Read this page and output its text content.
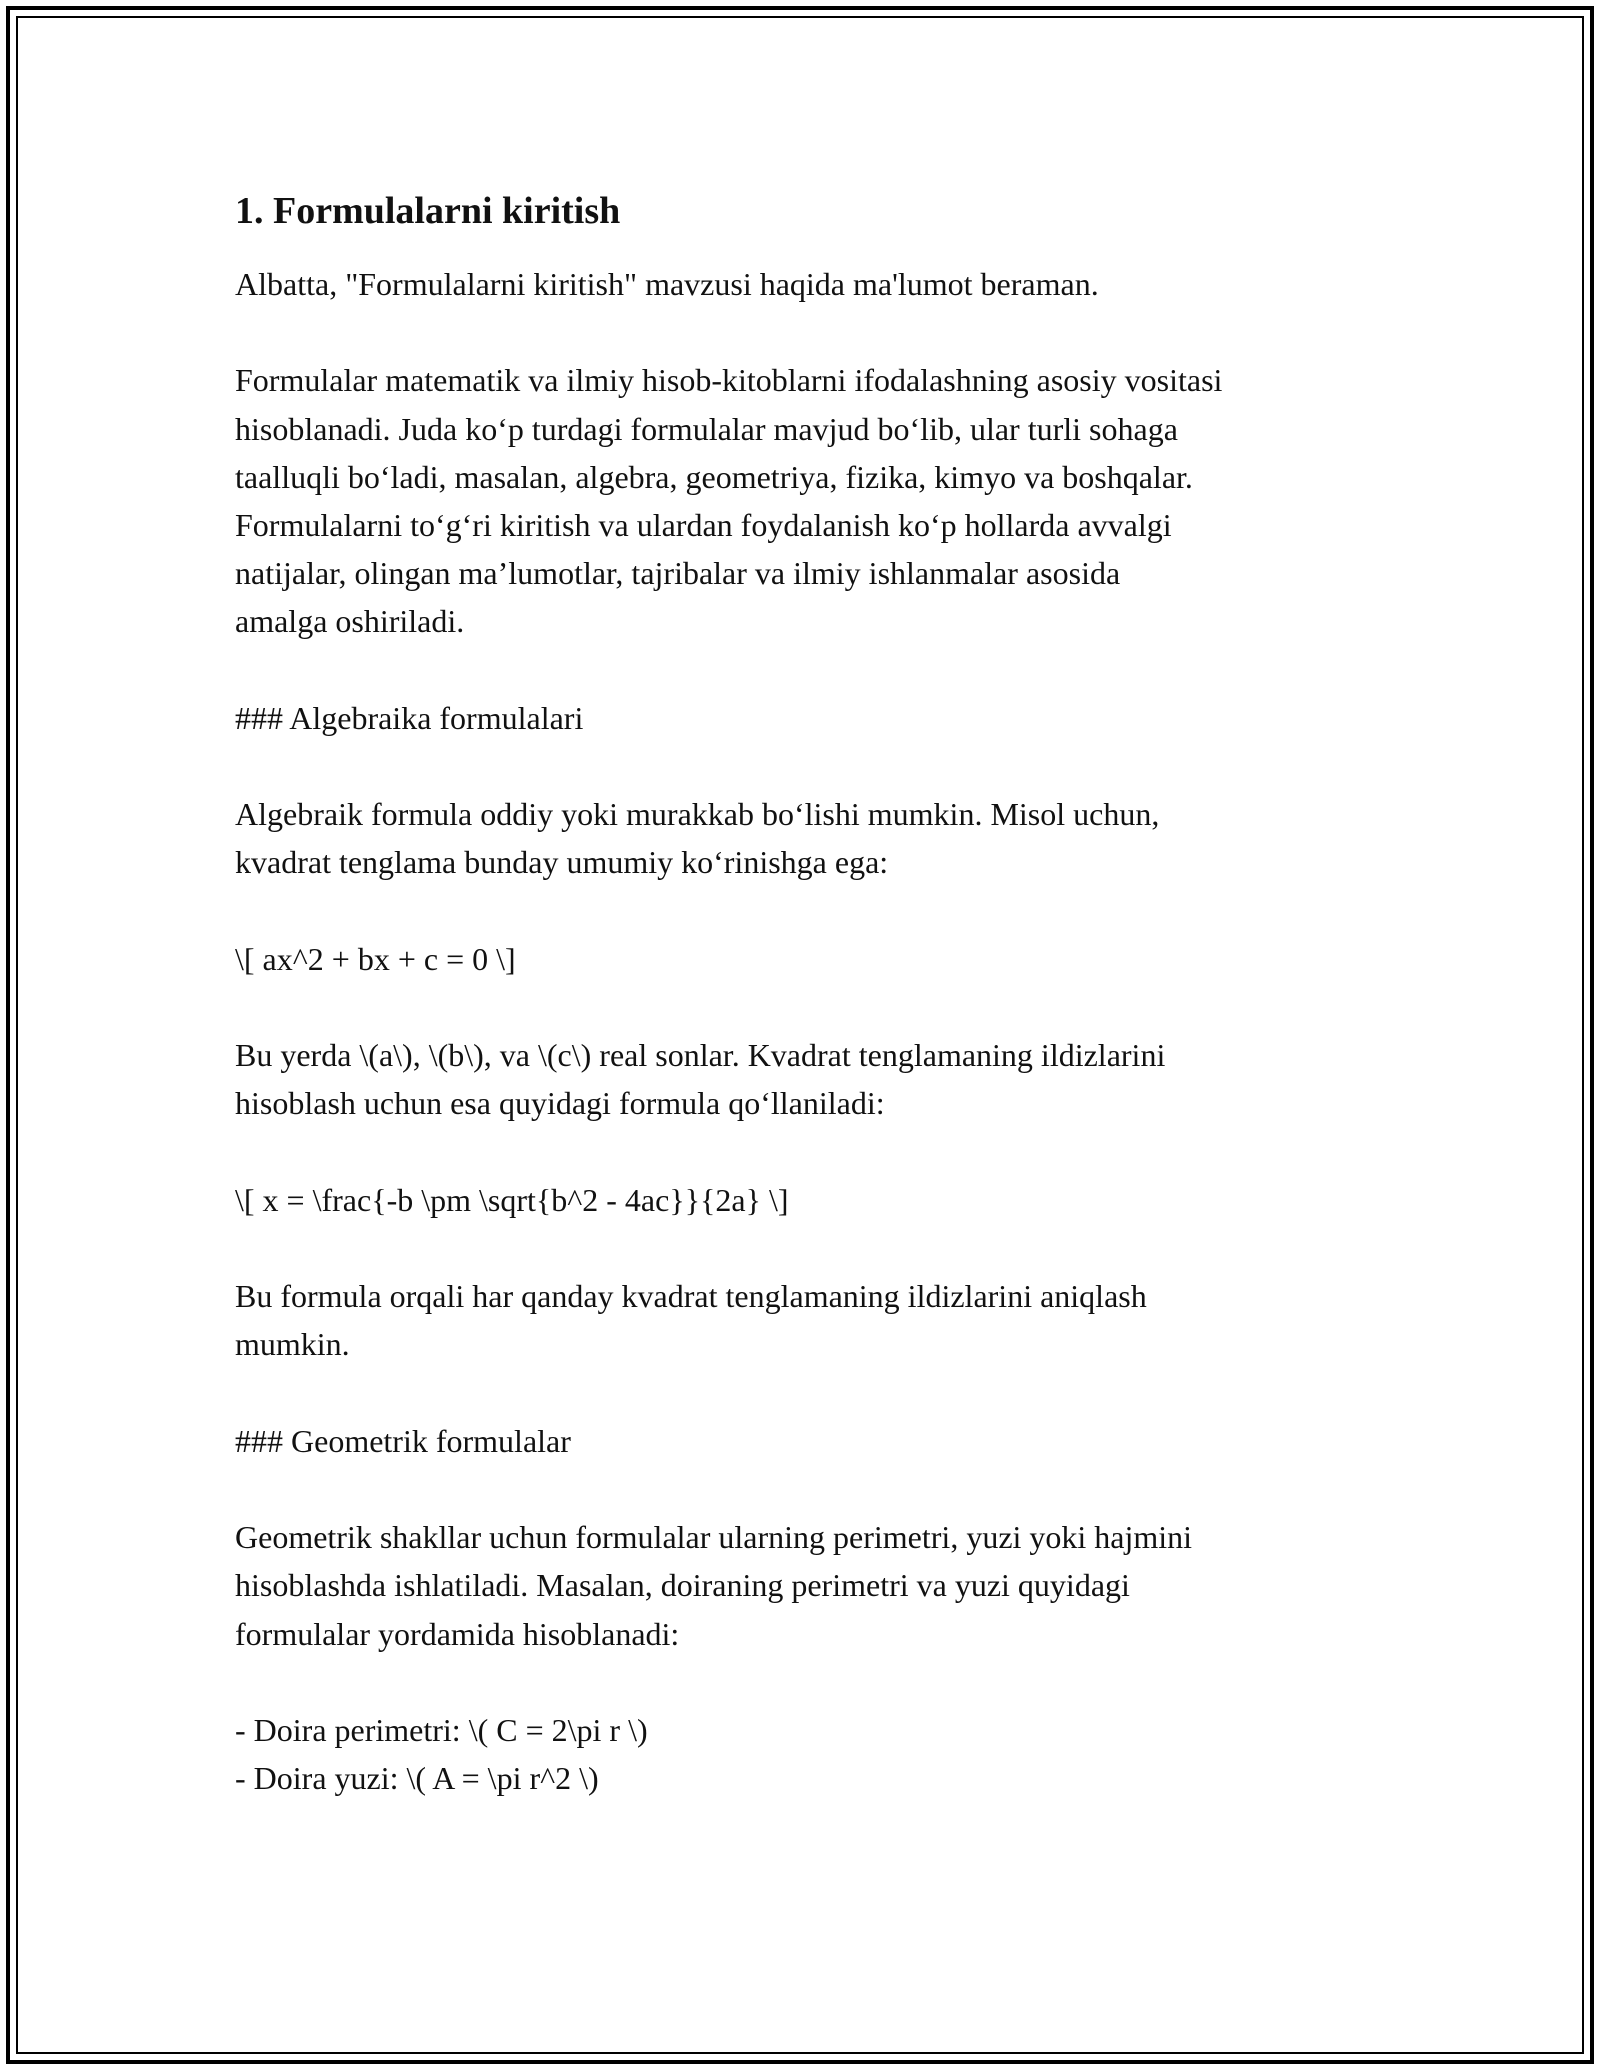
1. Formulalarni kiritish
Albatta, "Formulalarni kiritish" mavzusi haqida ma'lumot beraman.
Formulalar matematik va ilmiy hisob-kitoblarni ifodalashning asosiy vositasi
hisoblanadi. Juda koʻp turdagi formulalar mavjud boʻlib, ular turli sohaga
taalluqli boʻladi, masalan, algebra, geometriya, fizika, kimyo va boshqalar.
Formulalarni toʻgʻri kiritish va ulardan foydalanish koʻp hollarda avvalgi
natijalar, olingan maʼlumotlar, tajribalar va ilmiy ishlanmalar asosida
amalga oshiriladi.
### Algebraika formulalari
Algebraik formula oddiy yoki murakkab boʻlishi mumkin. Misol uchun,
kvadrat tenglama bunday umumiy koʻrinishga ega:
\[ ax^2 + bx + c = 0 \]
Bu yerda \(a\), \(b\), va \(c\) real sonlar. Kvadrat tenglamaning ildizlarini
hisoblash uchun esa quyidagi formula qoʻllaniladi:
\[ x = \frac{-b \pm \sqrt{b^2 - 4ac}}{2a} \]
Bu formula orqali har qanday kvadrat tenglamaning ildizlarini aniqlash
mumkin.
### Geometrik formulalar
Geometrik shakllar uchun formulalar ularning perimetri, yuzi yoki hajmini
hisoblashda ishlatiladi. Masalan, doiraning perimetri va yuzi quyidagi
formulalar yordamida hisoblanadi:
- Doira perimetri: \( C = 2\pi r \)
- Doira yuzi: \( A = \pi r^2 \)
